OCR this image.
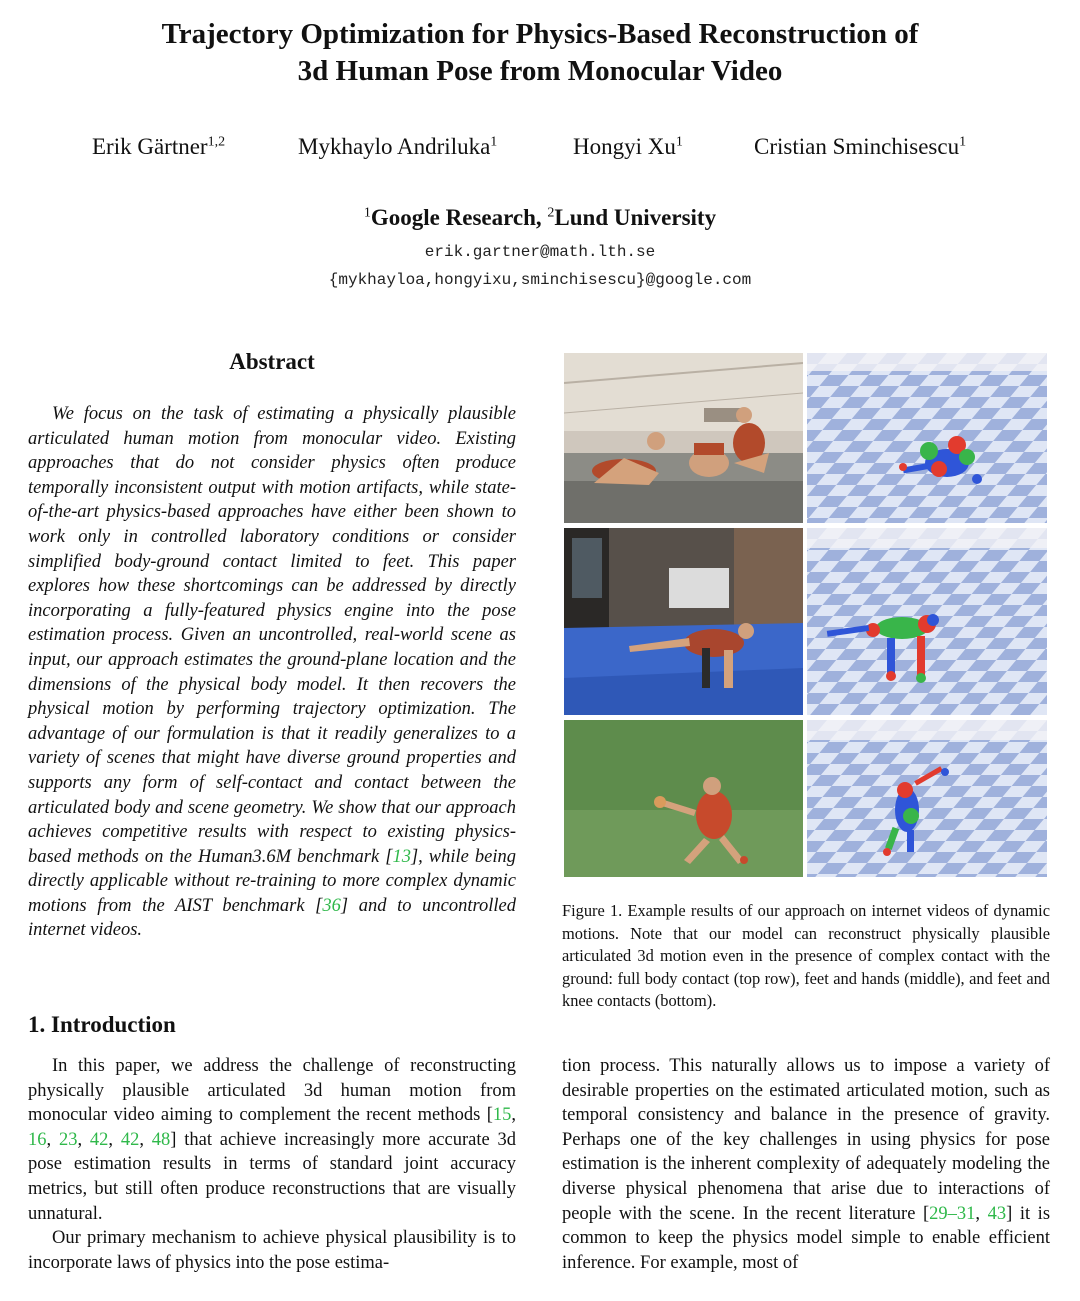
Trajectory Optimization for Physics-Based Reconstruction of
3d Human Pose from Monocular Video
Erik Gärtner$^{1,2}$	Mykhaylo Andriluka$^1$	Hongyi Xu$^1$	Cristian Sminchisescu$^1$
$^1$Google Research, $^2$Lund University
erik.gartner@math.lth.se
{mykhayloa,hongyixu,sminchisescu}@google.com
Abstract

We focus on the task of estimating a physically plausible articulated human motion from monocular video. Existing approaches that do not consider physics often produce temporally inconsistent output with motion artifacts, while state-of-the-art physics-based approaches have either been shown to work only in controlled laboratory conditions or consider simplified body-ground contact limited to feet. This paper explores how these shortcomings can be addressed by directly incorporating a fully-featured physics engine into the pose estimation process. Given an uncontrolled, real-world scene as input, our approach estimates the ground-plane location and the dimensions of the physical body model. It then recovers the physical motion by performing trajectory optimization. The advantage of our formulation is that it readily generalizes to a variety of scenes that might have diverse ground properties and supports any form of self-contact and contact between the articulated body and scene geometry. We show that our approach achieves competitive results with respect to existing physics-based methods on the Human3.6M benchmark [13], while being directly applicable without re-training to more complex dynamic motions from the AIST benchmark [36] and to uncontrolled internet videos.

Figure 1. Example results of our approach on internet videos of dynamic motions. Note that our model can reconstruct physically plausible articulated 3d motion even in the presence of complex contact with the ground: full body contact (top row), feet and hands (middle), and feet and knee contacts (bottom).

1. Introduction

In this paper, we address the challenge of reconstructing physically plausible articulated 3d human motion from monocular video aiming to complement the recent methods [15, 16, 23, 42, 42, 48] that achieve increasingly more accurate 3d pose estimation results in terms of standard joint accuracy metrics, but still often produce reconstructions that are visually unnatural.

Our primary mechanism to achieve physical plausibility is to incorporate laws of physics into the pose estima-

tion process. This naturally allows us to impose a variety of desirable properties on the estimated articulated motion, such as temporal consistency and balance in the presence of gravity. Perhaps one of the key challenges in using physics for pose estimation is the inherent complexity of adequately modeling the diverse physical phenomena that arise due to interactions of people with the scene. In the recent literature [29–31, 43] it is common to keep the physics model simple to enable efficient inference. For example, most of
